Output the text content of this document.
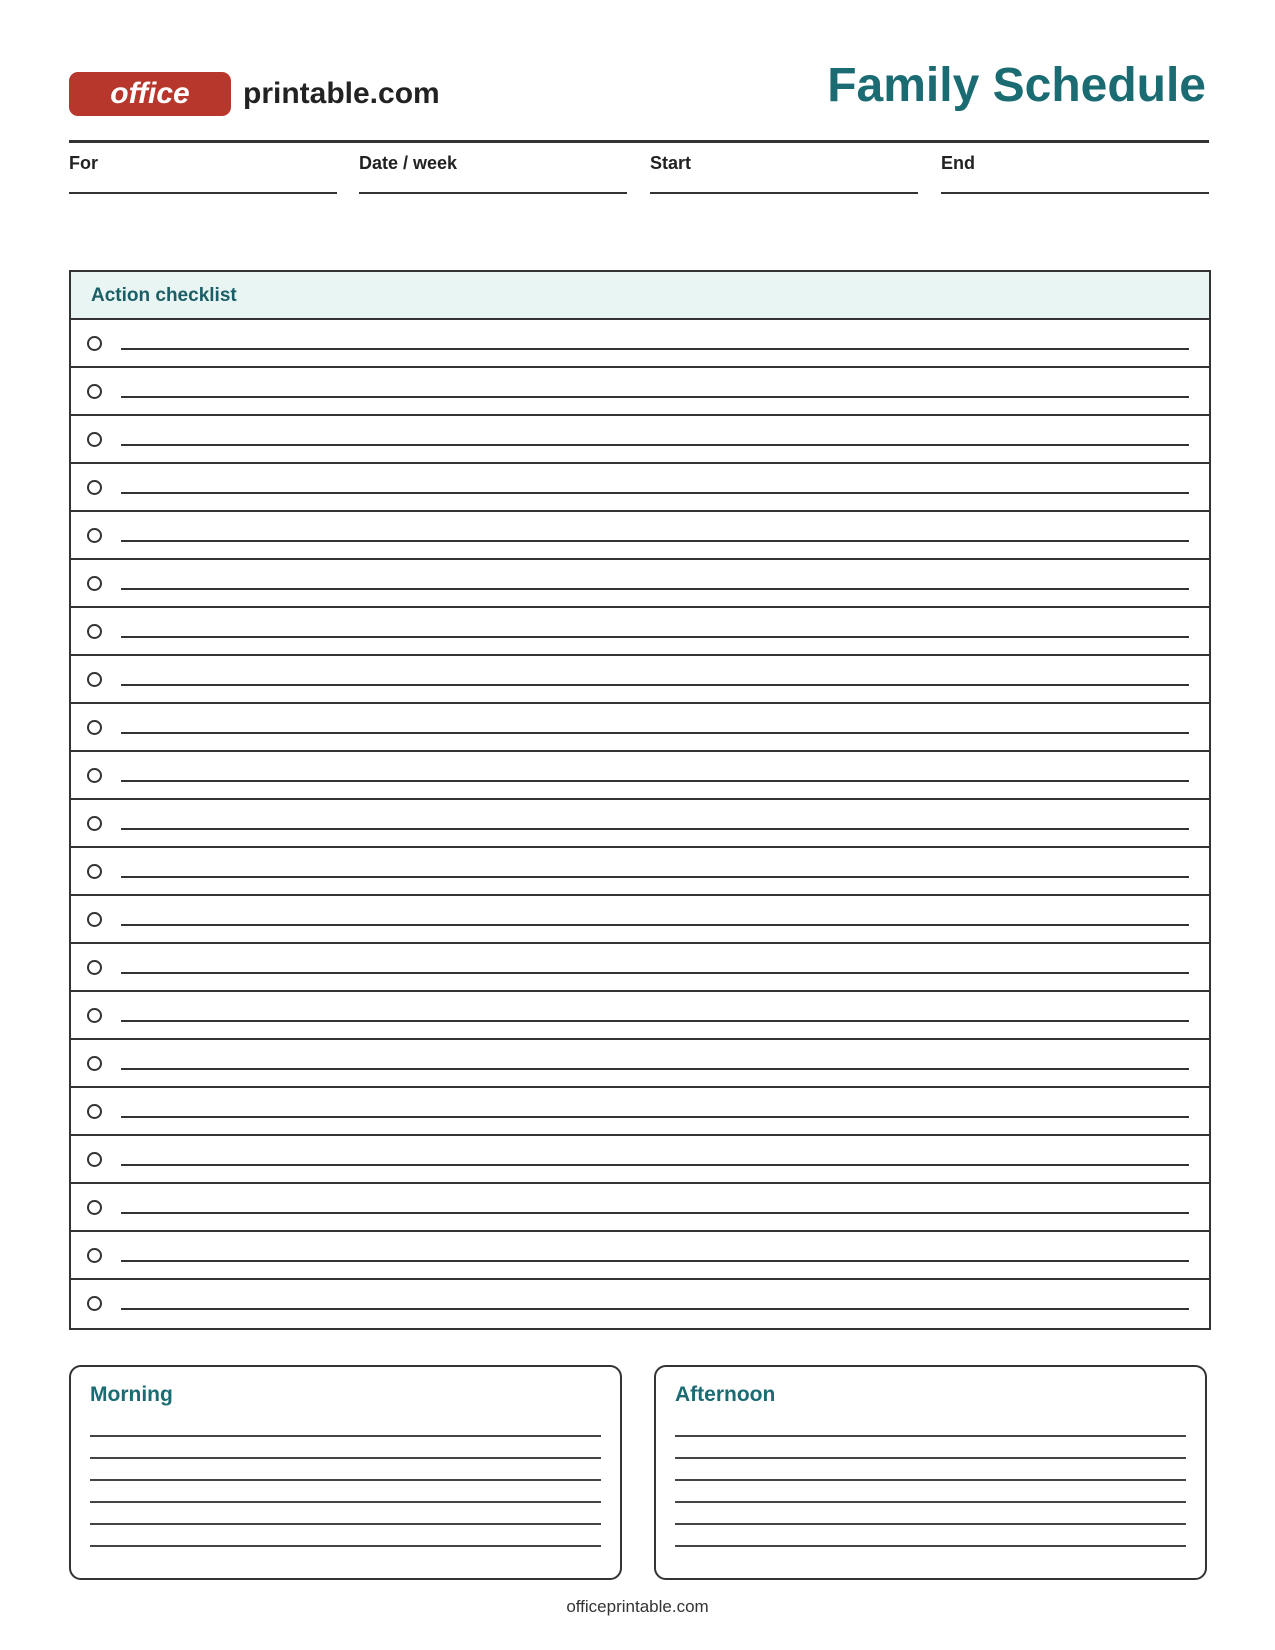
office	printable.com	Family Schedule
For	Date / week	Start	End
Action checklist
Morning	Afternoon
officeprintable.com
